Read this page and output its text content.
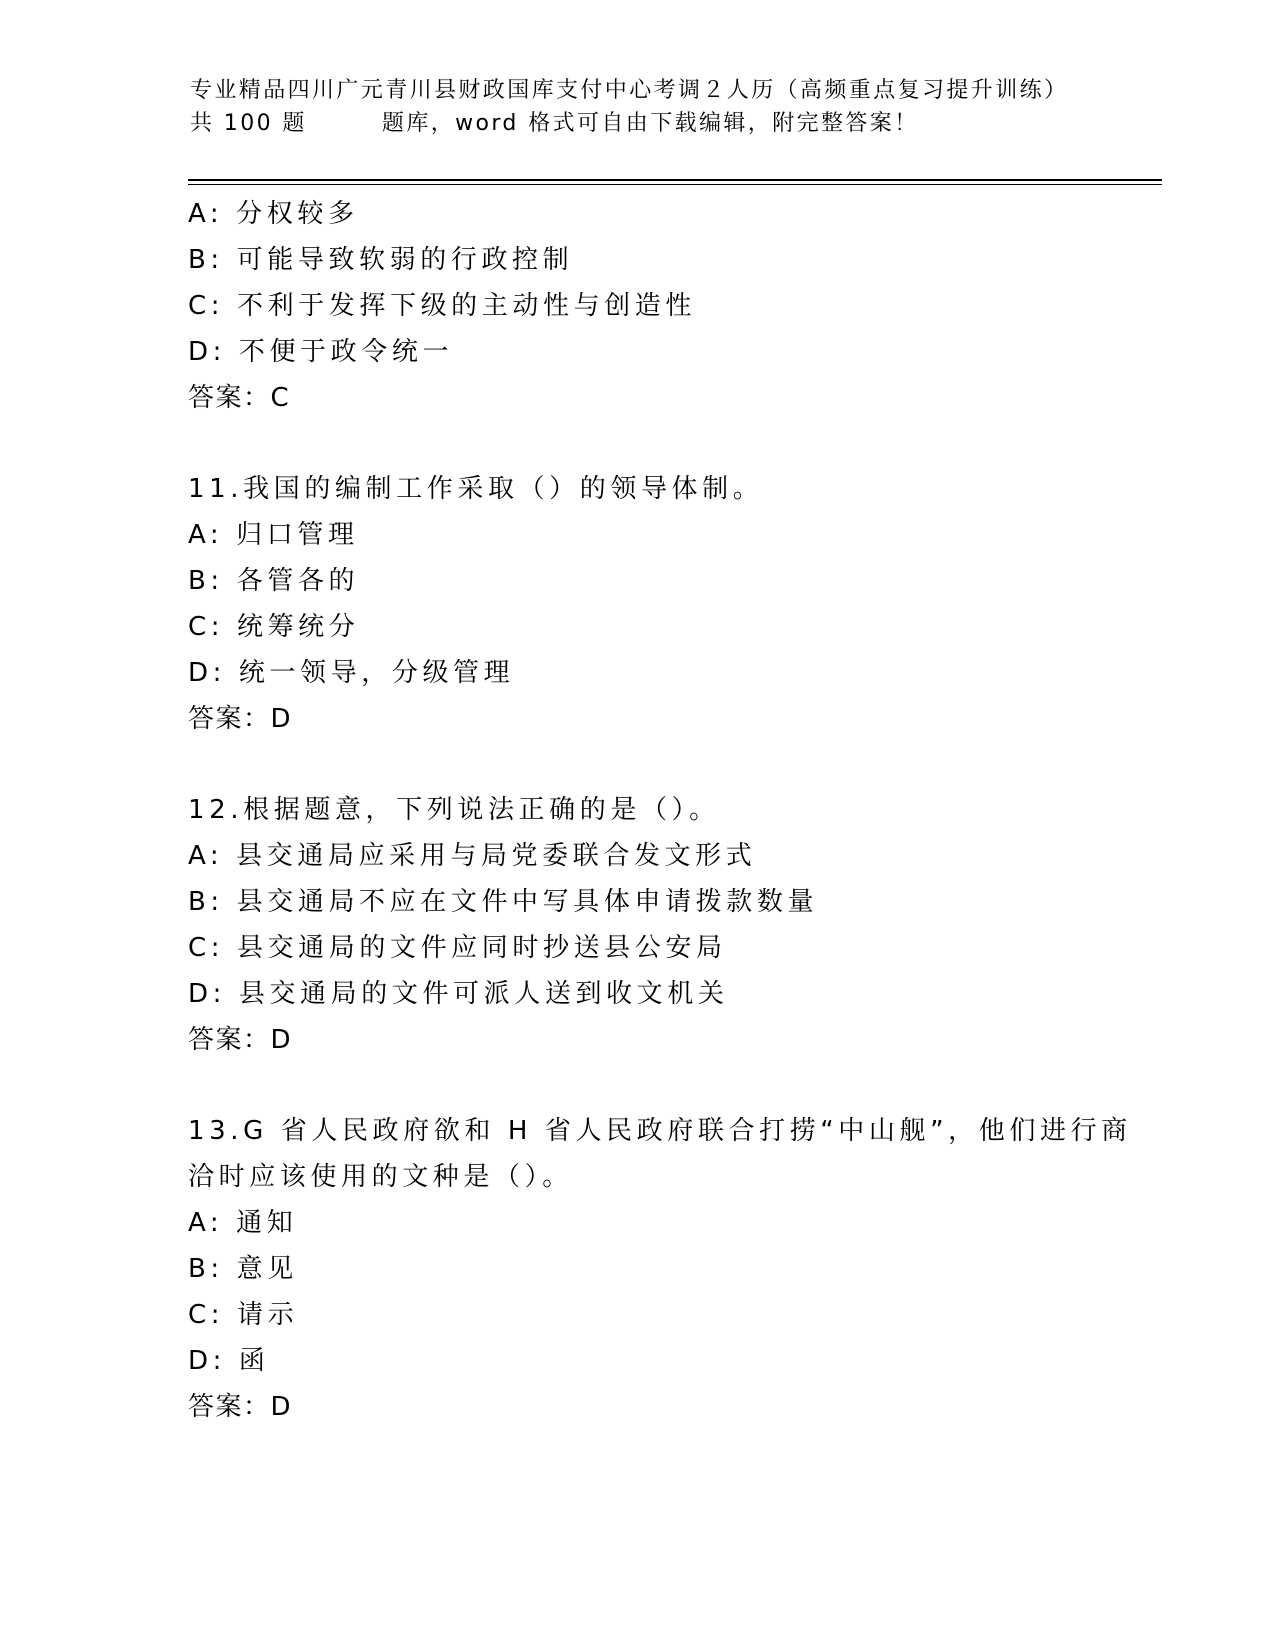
专业精品四川广元青川县财政国库支付中心考调２人历（高频重点复习提升训练）
共 100 题        题库，word 格式可自由下载编辑，附完整答案！
A: 分权较多
B: 可能导致软弱的行政控制
C: 不利于发挥下级的主动性与创造性
D: 不便于政令统一
答案：C
11.我国的编制工作采取（）的领导体制。
A: 归口管理
B: 各管各的
C: 统筹统分
D: 统一领导，分级管理
答案：D
12.根据题意，下列说法正确的是（）。
A: 县交通局应采用与局党委联合发文形式
B: 县交通局不应在文件中写具体申请拨款数量
C: 县交通局的文件应同时抄送县公安局
D: 县交通局的文件可派人送到收文机关
答案：D
13.G 省人民政府欲和 H 省人民政府联合打捞“中山舰”，他们进行商
洽时应该使用的文种是（）。
A: 通知
B: 意见
C: 请示
D: 函
答案：D
